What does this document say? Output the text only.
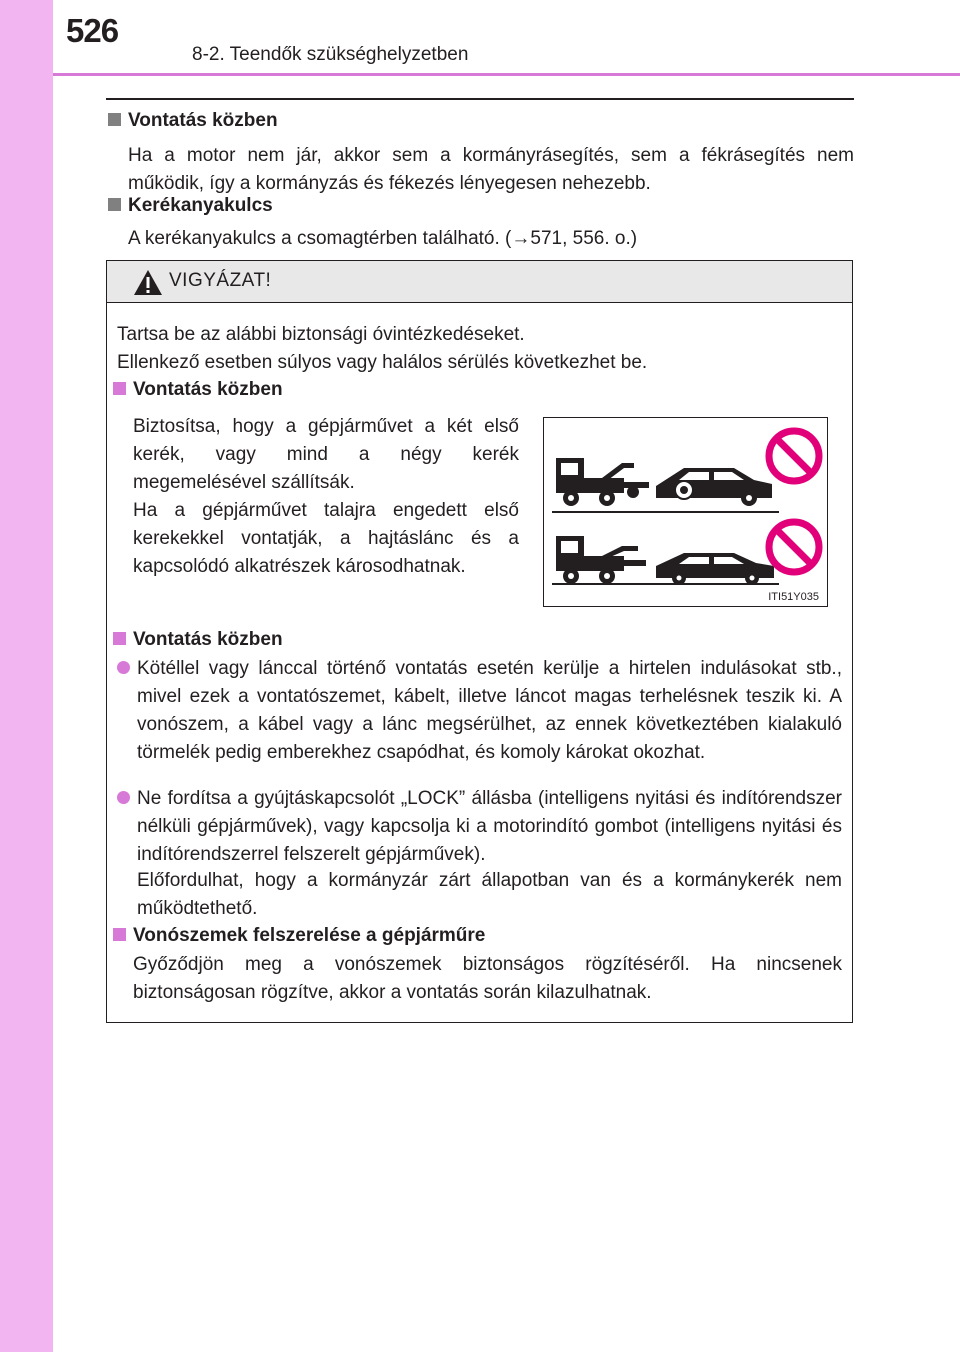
526
8-2. Teendők szükséghelyzetben
Vontatás közben
Ha a motor nem jár, akkor sem a kormányrásegítés, sem a fékrásegítés nem működik, így a kormányzás és fékezés lényegesen nehezebb.
Kerékanyakulcs
A kerékanyakulcs a csomagtérben található. (→571, 556. o.)
VIGYÁZAT!
Tartsa be az alábbi biztonsági óvintézkedéseket.
Ellenkező esetben súlyos vagy halálos sérülés következhet be.
Vontatás közben
Biztosítsa, hogy a gépjárművet a két első kerék, vagy mind a négy kerék megemelésével szállítsák.
Ha a gépjárművet talajra engedett első kerekekkel vontatják, a hajtáslánc és a kapcsolódó alkatrészek károsodhatnak.
ITI51Y035
Vontatás közben
Kötéllel vagy lánccal történő vontatás esetén kerülje a hirtelen indulásokat stb., mivel ezek a vontatószemet, kábelt, illetve láncot magas terhelésnek teszik ki. A vonószem, a kábel vagy a lánc megsérülhet, az ennek következtében kialakuló törmelék pedig emberekhez csapódhat, és komoly károkat okozhat.
Ne fordítsa a gyújtáskapcsolót „LOCK” állásba (intelligens nyitási és indítórendszer nélküli gépjárművek), vagy kapcsolja ki a motorindító gombot (intelligens nyitási és indítórendszerrel felszerelt gépjárművek).
Előfordulhat, hogy a kormányzár zárt állapotban van és a kormánykerék nem működtethető.
Vonószemek felszerelése a gépjárműre
Győződjön meg a vonószemek biztonságos rögzítéséről. Ha nincsenek biztonságosan rögzítve, akkor a vontatás során kilazulhatnak.
